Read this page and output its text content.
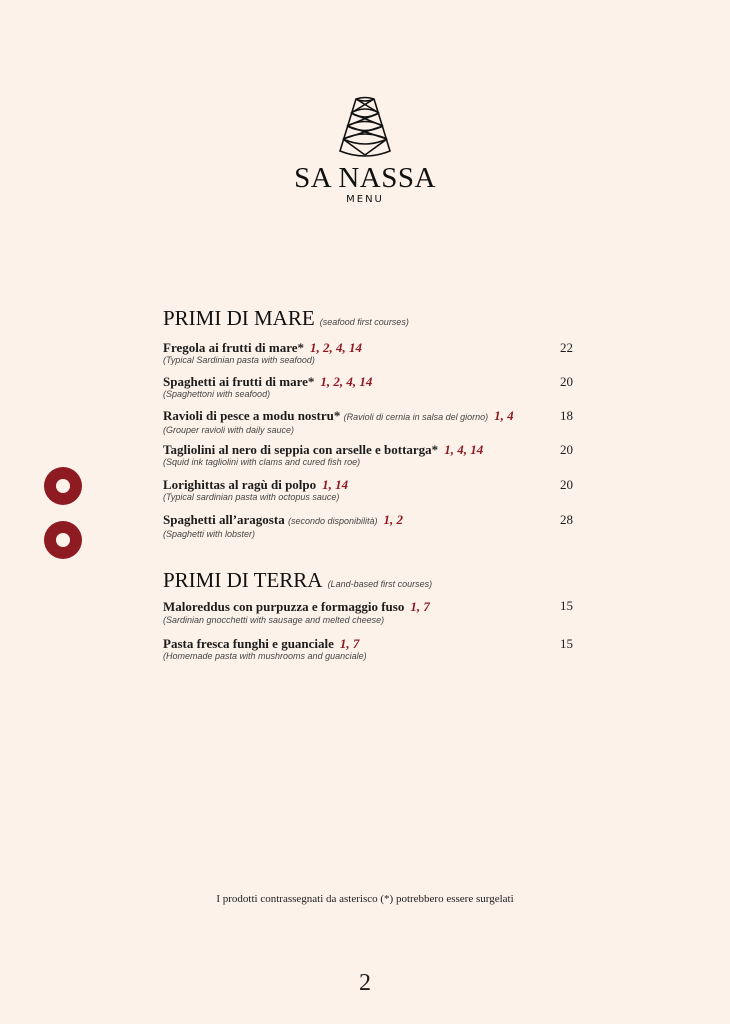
SA NASSA
MENU
PRIMI DI MARE (seafood first courses)
Fregola ai frutti di mare* 1, 2, 4, 14
(Typical Sardinian pasta with seafood)
22
Spaghetti ai frutti di mare* 1, 2, 4, 14
(Spaghettoni with seafood)
20
Ravioli di pesce a modu nostru* (Ravioli di cernia in salsa del giorno) 1, 4
(Grouper ravioli with daily sauce)
18
Tagliolini al nero di seppia con arselle e bottarga* 1, 4, 14
(Squid ink tagliolini with clams and cured fish roe)
20
Lorighittas al ragù di polpo 1, 14
(Typical sardinian pasta with octopus sauce)
20
Spaghetti all’aragosta (secondo disponibilità) 1, 2
(Spaghetti with lobster)
28
PRIMI DI TERRA (Land-based first courses)
Maloreddus con purpuzza e formaggio fuso 1, 7
(Sardinian gnocchetti with sausage and melted cheese)
15
Pasta fresca funghi e guanciale 1, 7
(Homemade pasta with mushrooms and guanciale)
15
I prodotti contrassegnati da asterisco (*) potrebbero essere surgelati
2
